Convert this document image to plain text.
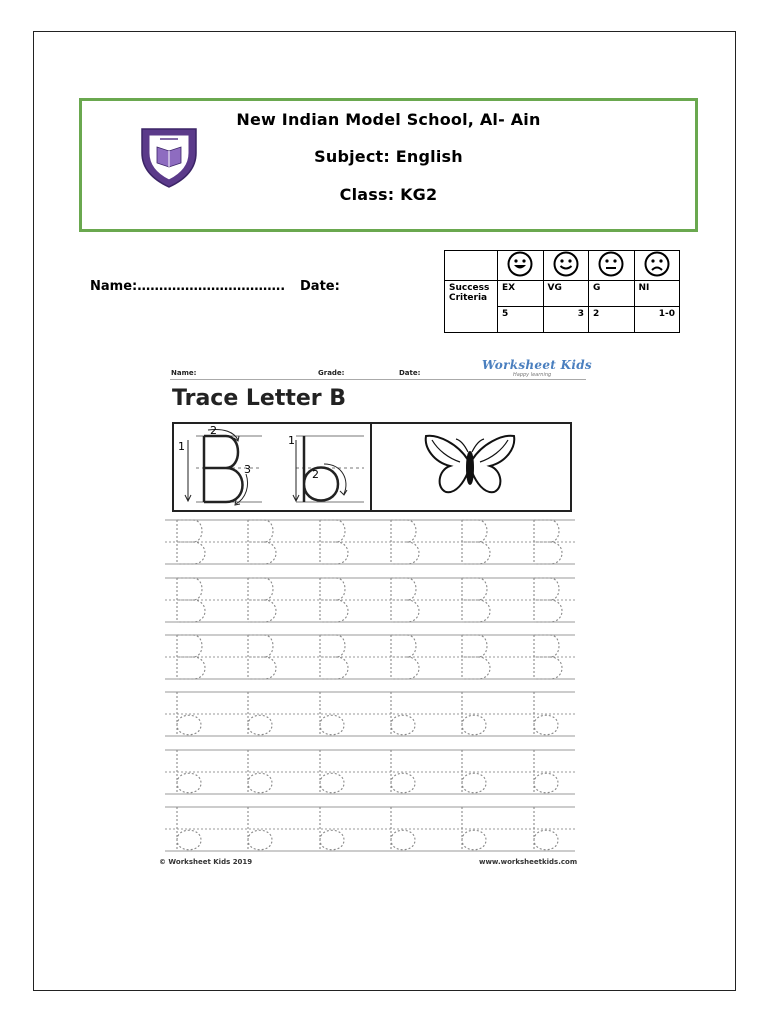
New Indian Model School, Al- Ain
Subject: English
Class: KG2
Name:……………………………. Date:
					Success Criteria	EX	VG	G	NI
	5	3	2	1-0
Name:	Grade:	Date:
Worksheet Kids
Happy learning
Trace Letter B
1
2
3
1
2
© Worksheet Kids 2019	www.worksheetkids.com
